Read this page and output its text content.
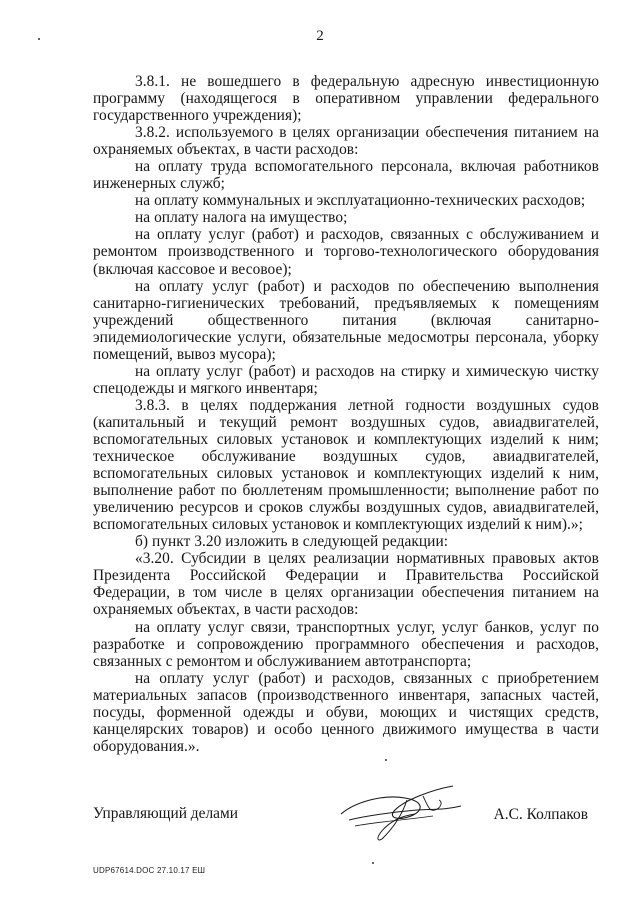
2

3.8.1. не вошедшего в федеральную адресную инвестиционную программу (находящегося в оперативном управлении федерального государственного учреждения);

3.8.2. используемого в целях организации обеспечения питанием на охраняемых объектах, в части расходов:

на оплату труда вспомогательного персонала, включая работников инженерных служб;

на оплату коммунальных и эксплуатационно-технических расходов;

на оплату налога на имущество;

на оплату услуг (работ) и расходов, связанных с обслуживанием и ремонтом производственного и торгово-технологического оборудования (включая кассовое и весовое);

на оплату услуг (работ) и расходов по обеспечению выполнения санитарно-гигиенических требований, предъявляемых к помещениям учреждений общественного питания (включая санитарно-эпидемиологические услуги, обязательные медосмотры персонала, уборку помещений, вывоз мусора);

на оплату услуг (работ) и расходов на стирку и химическую чистку спецодежды и мягкого инвентаря;

3.8.3. в целях поддержания летной годности воздушных судов (капитальный и текущий ремонт воздушных судов, авиадвигателей, вспомогательных силовых установок и комплектующих изделий к ним; техническое обслуживание воздушных судов, авиадвигателей, вспомогательных силовых установок и комплектующих изделий к ним, выполнение работ по бюллетеням промышленности; выполнение работ по увеличению ресурсов и сроков службы воздушных судов, авиадвигателей, вспомогательных силовых установок и комплектующих изделий к ним).»;

б) пункт 3.20 изложить в следующей редакции:

«3.20. Субсидии в целях реализации нормативных правовых актов Президента Российской Федерации и Правительства Российской Федерации, в том числе в целях организации обеспечения питанием на охраняемых объектах, в части расходов:

на оплату услуг связи, транспортных услуг, услуг банков, услуг по разработке и сопровождению программного обеспечения и расходов, связанных с ремонтом и обслуживанием автотранспорта;

на оплату услуг (работ) и расходов, связанных с приобретением материальных запасов (производственного инвентаря, запасных частей, посуды, форменной одежды и обуви, моющих и чистящих средств, канцелярских товаров) и особо ценного движимого имущества в части оборудования.».

Управляющий делами	А.С. Колпаков
UDP67614.DOC 27.10.17 ЕШ
